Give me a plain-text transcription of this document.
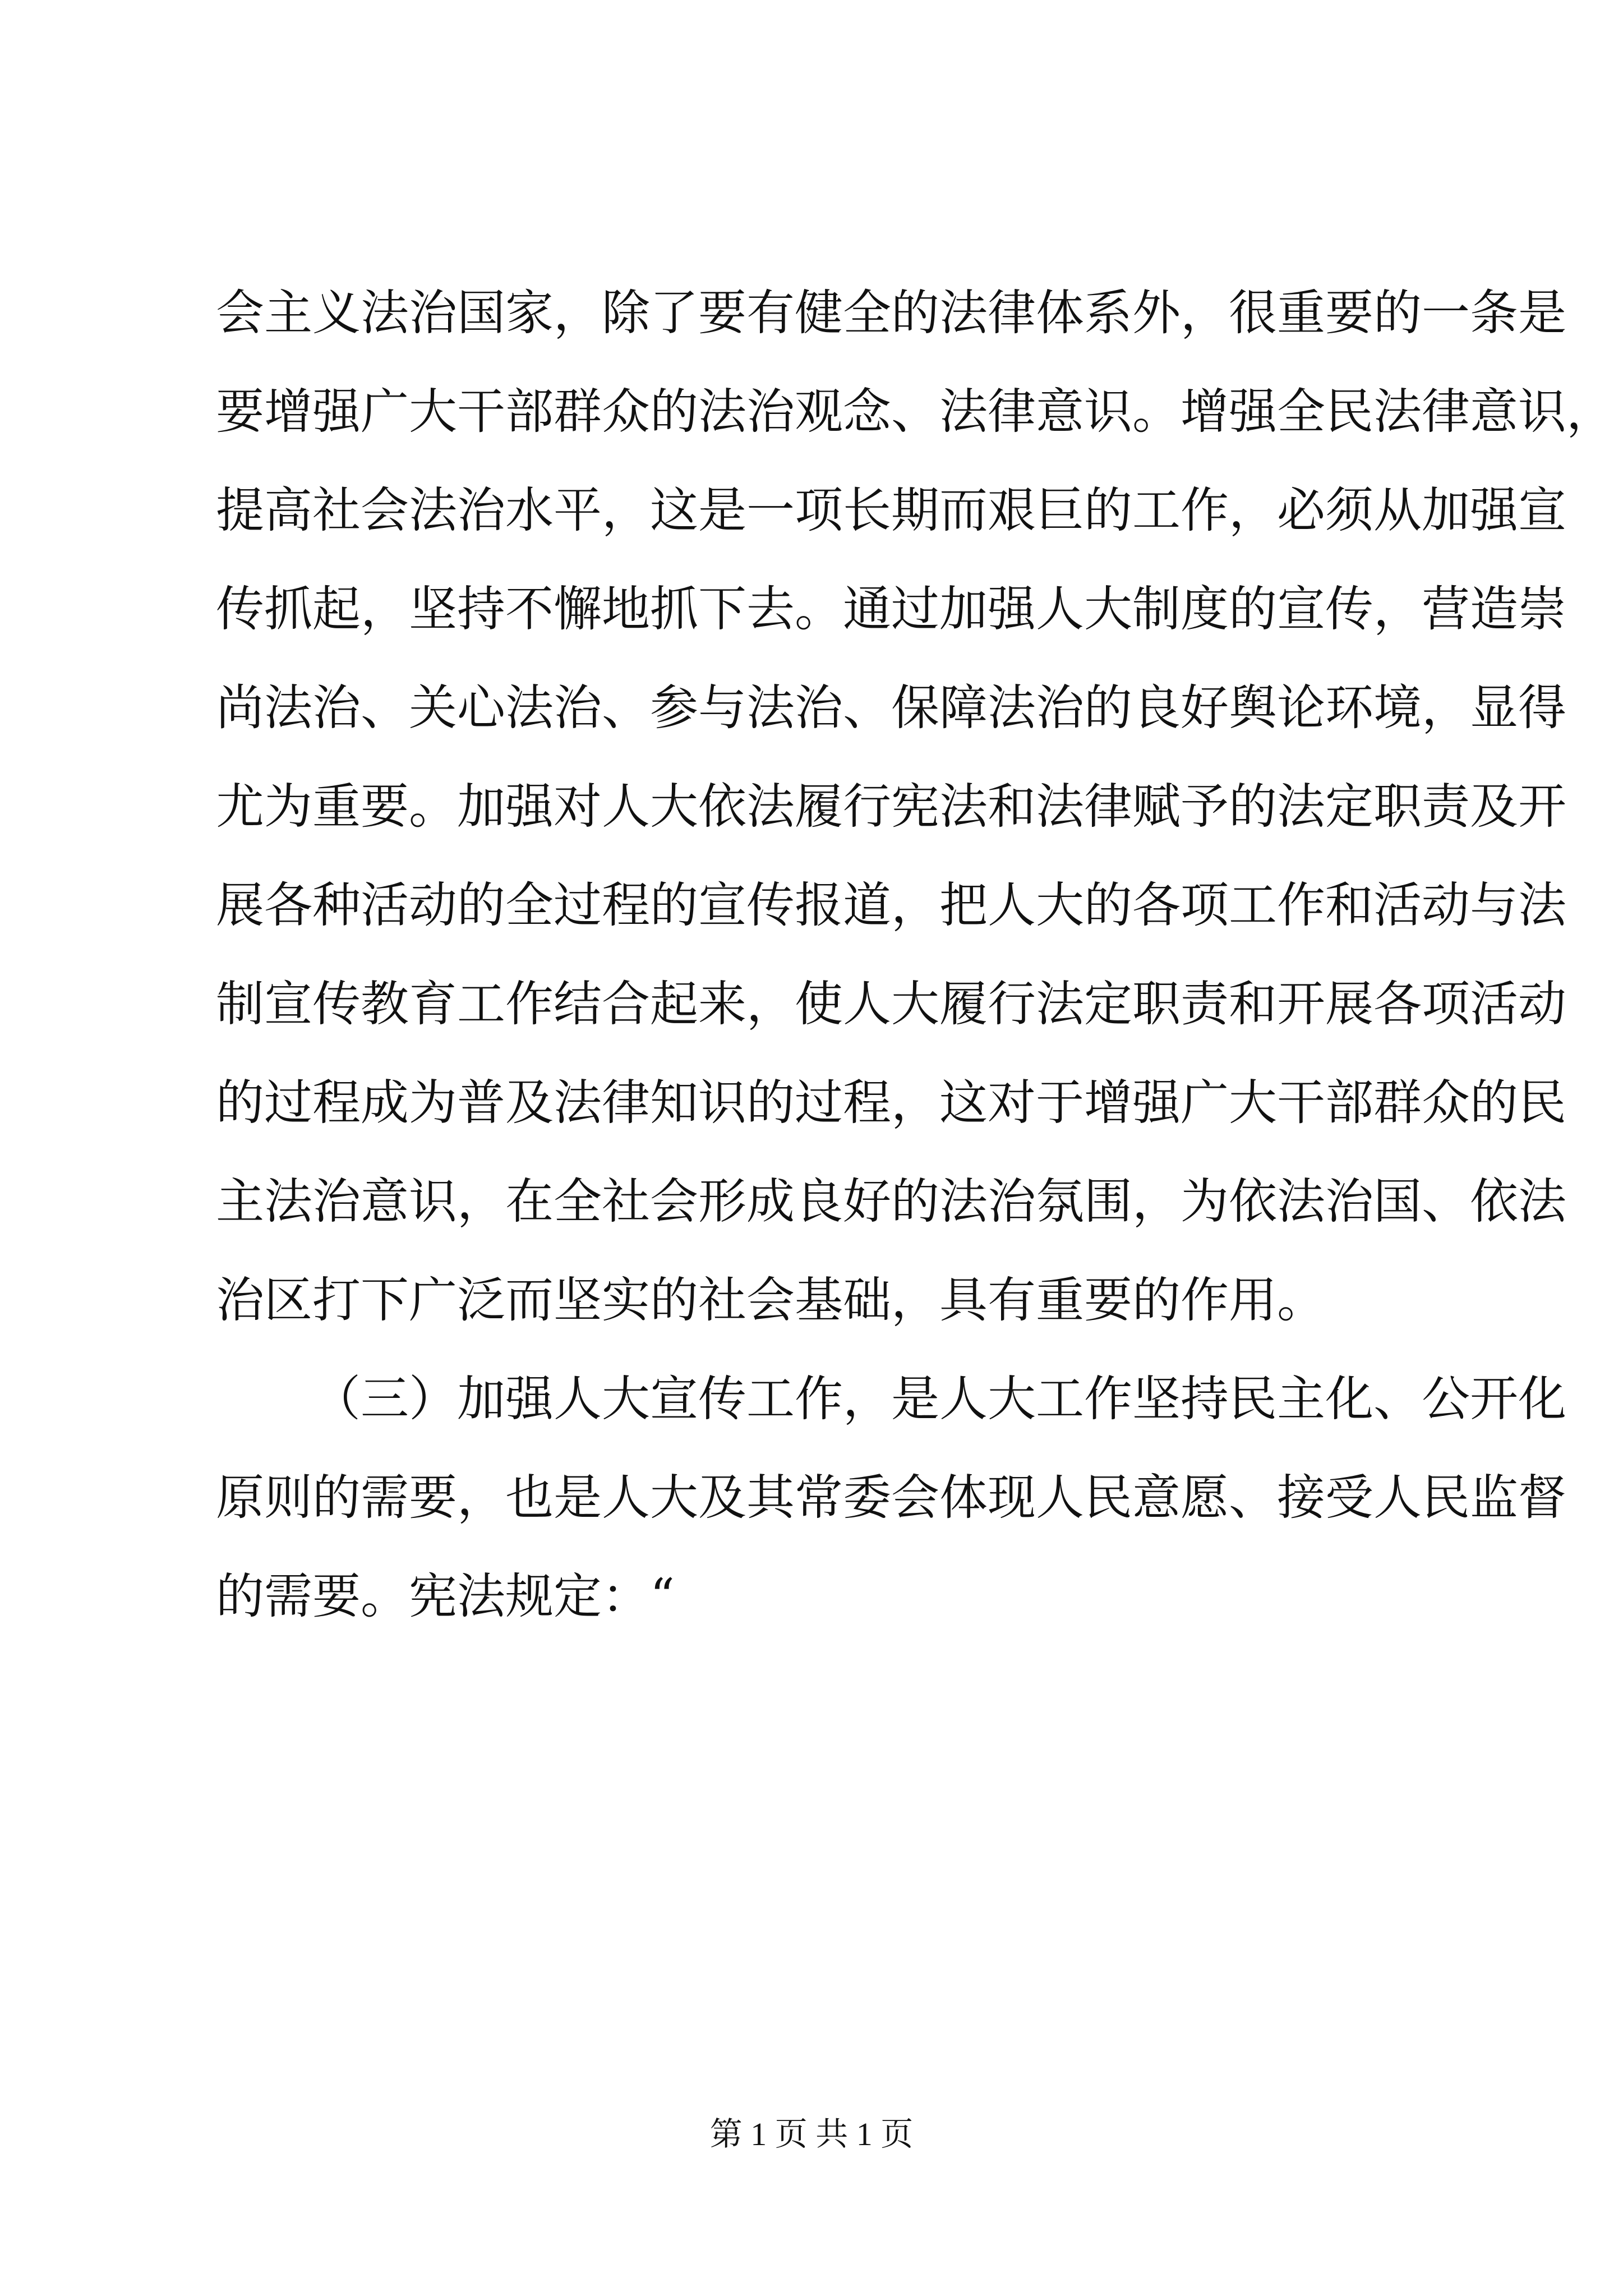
会主义法治国家，除了要有健全的法律体系外，很重要的一条是
要增强广大干部群众的法治观念、法律意识。增强全民法律意识，
提高社会法治水平，这是一项长期而艰巨的工作，必须从加强宣
传抓起，坚持不懈地抓下去。通过加强人大制度的宣传，营造崇
尚法治、关心法治、参与法治、保障法治的良好舆论环境，显得
尤为重要。加强对人大依法履行宪法和法律赋予的法定职责及开
展各种活动的全过程的宣传报道，把人大的各项工作和活动与法
制宣传教育工作结合起来，使人大履行法定职责和开展各项活动
的过程成为普及法律知识的过程，这对于增强广大干部群众的民
主法治意识，在全社会形成良好的法治氛围，为依法治国、依法
治区打下广泛而坚实的社会基础，具有重要的作用。
（三）加强人大宣传工作，是人大工作坚持民主化、公开化
原则的需要，也是人大及其常委会体现人民意愿、接受人民监督
的需要。宪法规定：“
第 1 页 共 1 页
